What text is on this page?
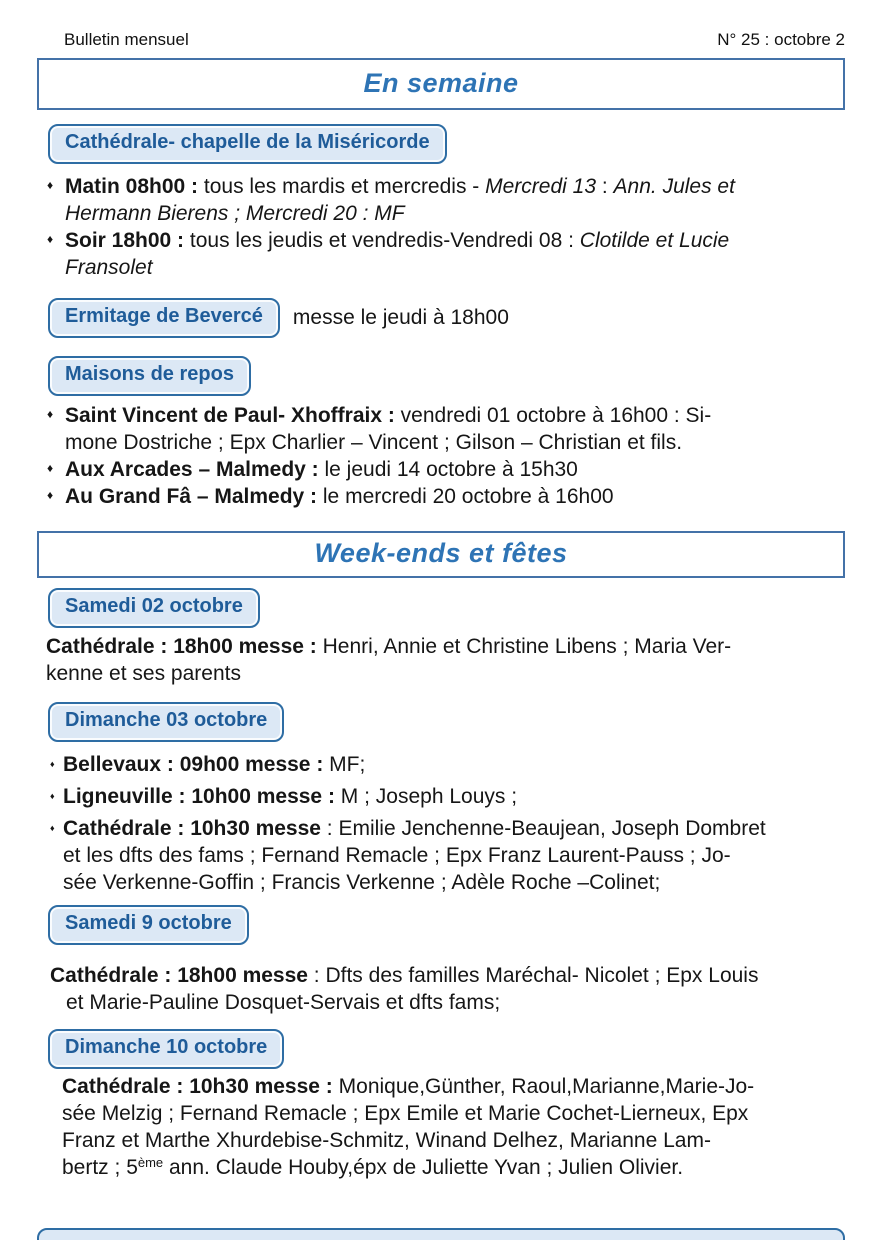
Bulletin mensuel	N° 25 : octobre 2
En semaine
Cathédrale- chapelle de la Miséricorde
♦ Matin 08h00 : tous les mardis et mercredis - Mercredi 13 : Ann. Jules et
Hermann Bierens ; Mercredi 20 : MF
♦ Soir 18h00 : tous les jeudis et vendredis-Vendredi 08 : Clotilde et Lucie
Fransolet
Ermitage de Bevercé	messe le jeudi à 18h00
Maisons de repos
♦ Saint Vincent de Paul- Xhoffraix : vendredi 01 octobre à 16h00 : Si-
mone Dostriche ; Epx Charlier – Vincent ; Gilson – Christian et fils.
♦ Aux Arcades – Malmedy : le jeudi 14 octobre à 15h30
♦ Au Grand Fâ – Malmedy : le mercredi 20 octobre à 16h00
Week-ends et fêtes
Samedi 02 octobre
Cathédrale : 18h00 messe : Henri, Annie et Christine Libens ; Maria Ver-
kenne et ses parents
Dimanche 03 octobre
♦ Bellevaux : 09h00 messe : MF;
♦ Ligneuville : 10h00 messe : M ; Joseph Louys ;
♦ Cathédrale : 10h30 messe : Emilie Jenchenne-Beaujean, Joseph Dombret
et les dfts des fams ; Fernand Remacle ; Epx Franz Laurent-Pauss ; Jo-
sée Verkenne-Goffin ; Francis Verkenne ; Adèle Roche –Colinet;
Samedi 9 octobre
Cathédrale : 18h00 messe : Dfts des familles Maréchal- Nicolet ; Epx Louis
et Marie-Pauline Dosquet-Servais et dfts fams;
Dimanche 10 octobre
Cathédrale : 10h30 messe : Monique,Günther, Raoul,Marianne,Marie-Jo-
sée Melzig ; Fernand Remacle ; Epx Emile et Marie Cochet-Lierneux, Epx
Franz et Marthe Xhurdebise-Schmitz, Winand Delhez, Marianne Lam-
bertz ; 5ème ann. Claude Houby,épx de Juliette Yvan ; Julien Olivier.
